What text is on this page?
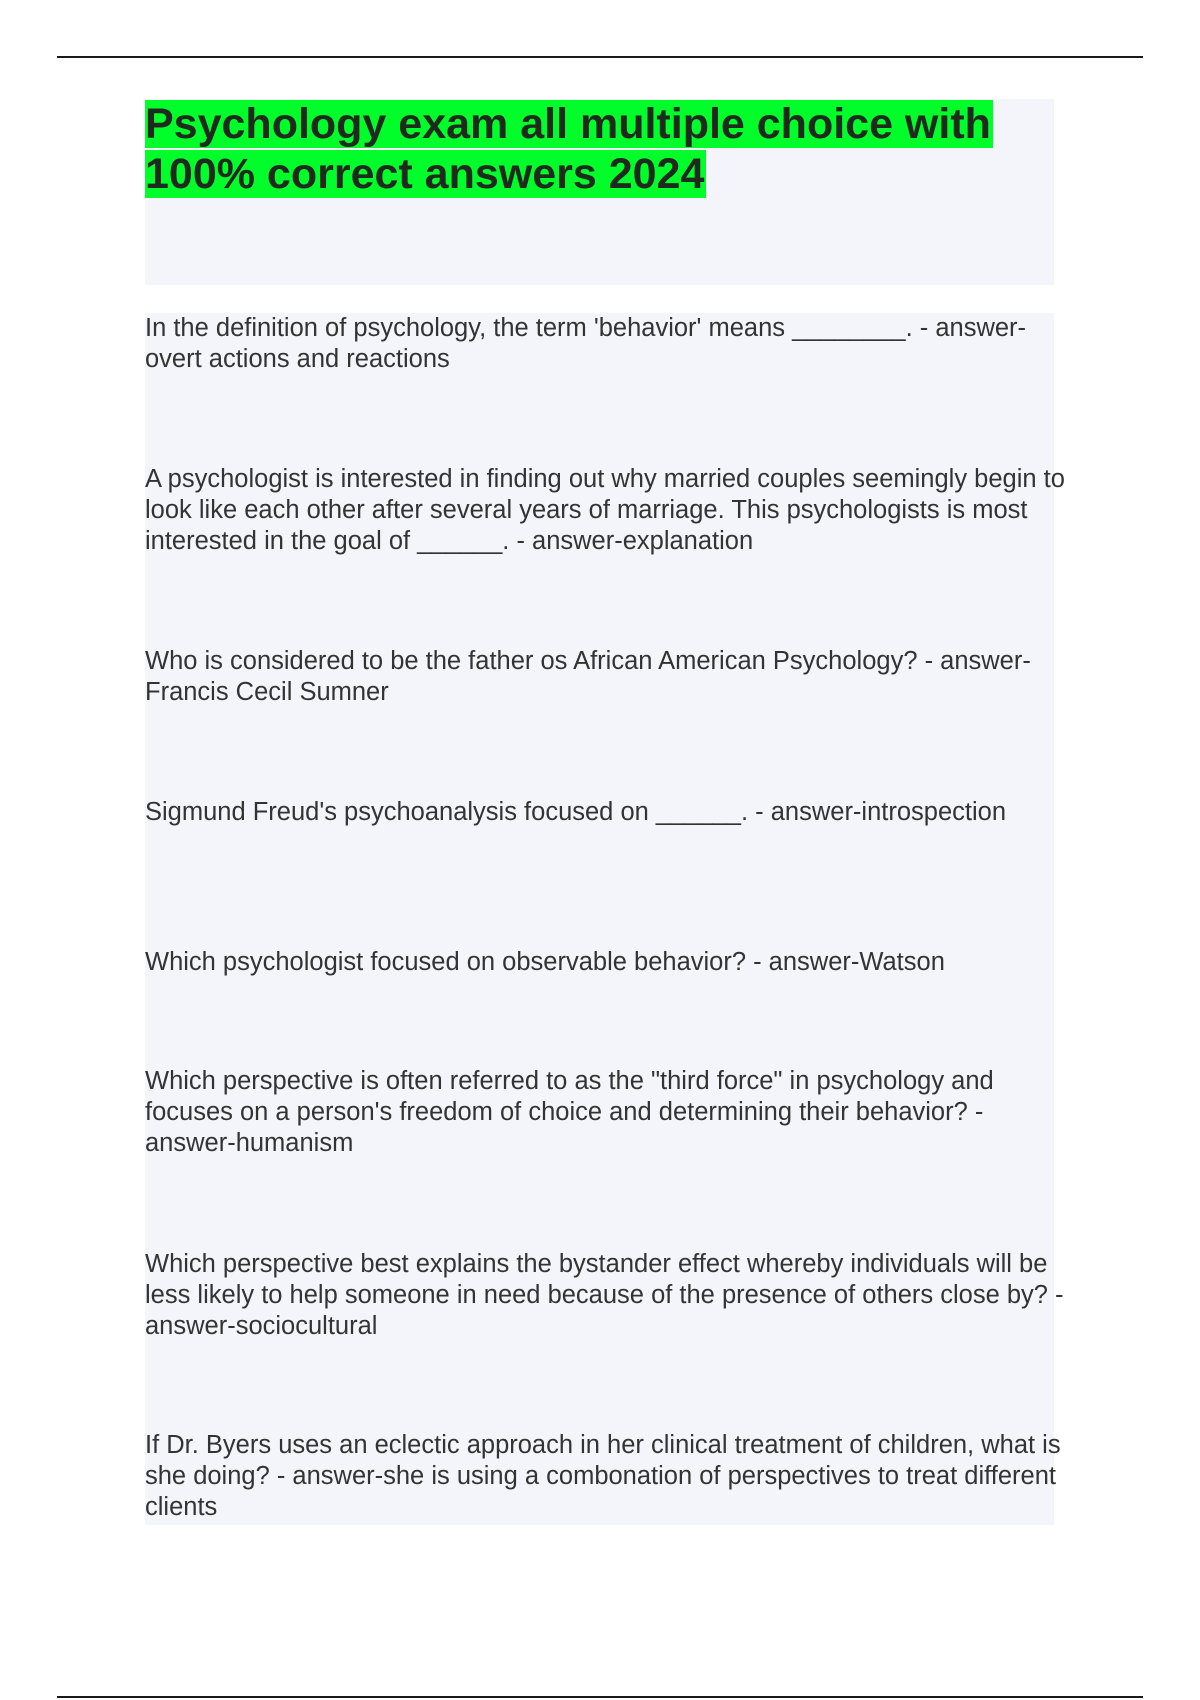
Psychology exam all multiple choice with 100% correct answers 2024

In the definition of psychology, the term 'behavior' means ________. - answer-overt actions and reactions

A psychologist is interested in finding out why married couples seemingly begin to look like each other after several years of marriage. This psychologists is most interested in the goal of ______. - answer-explanation

Who is considered to be the father os African American Psychology? - answer-Francis Cecil Sumner

Sigmund Freud's psychoanalysis focused on ______. - answer-introspection

Which psychologist focused on observable behavior? - answer-Watson

Which perspective is often referred to as the "third force" in psychology and focuses on a person's freedom of choice and determining their behavior? - answer-humanism

Which perspective best explains the bystander effect whereby individuals will be less likely to help someone in need because of the presence of others close by? - answer-sociocultural

If Dr. Byers uses an eclectic approach in her clinical treatment of children, what is she doing? - answer-she is using a combonation of perspectives to treat different clients
